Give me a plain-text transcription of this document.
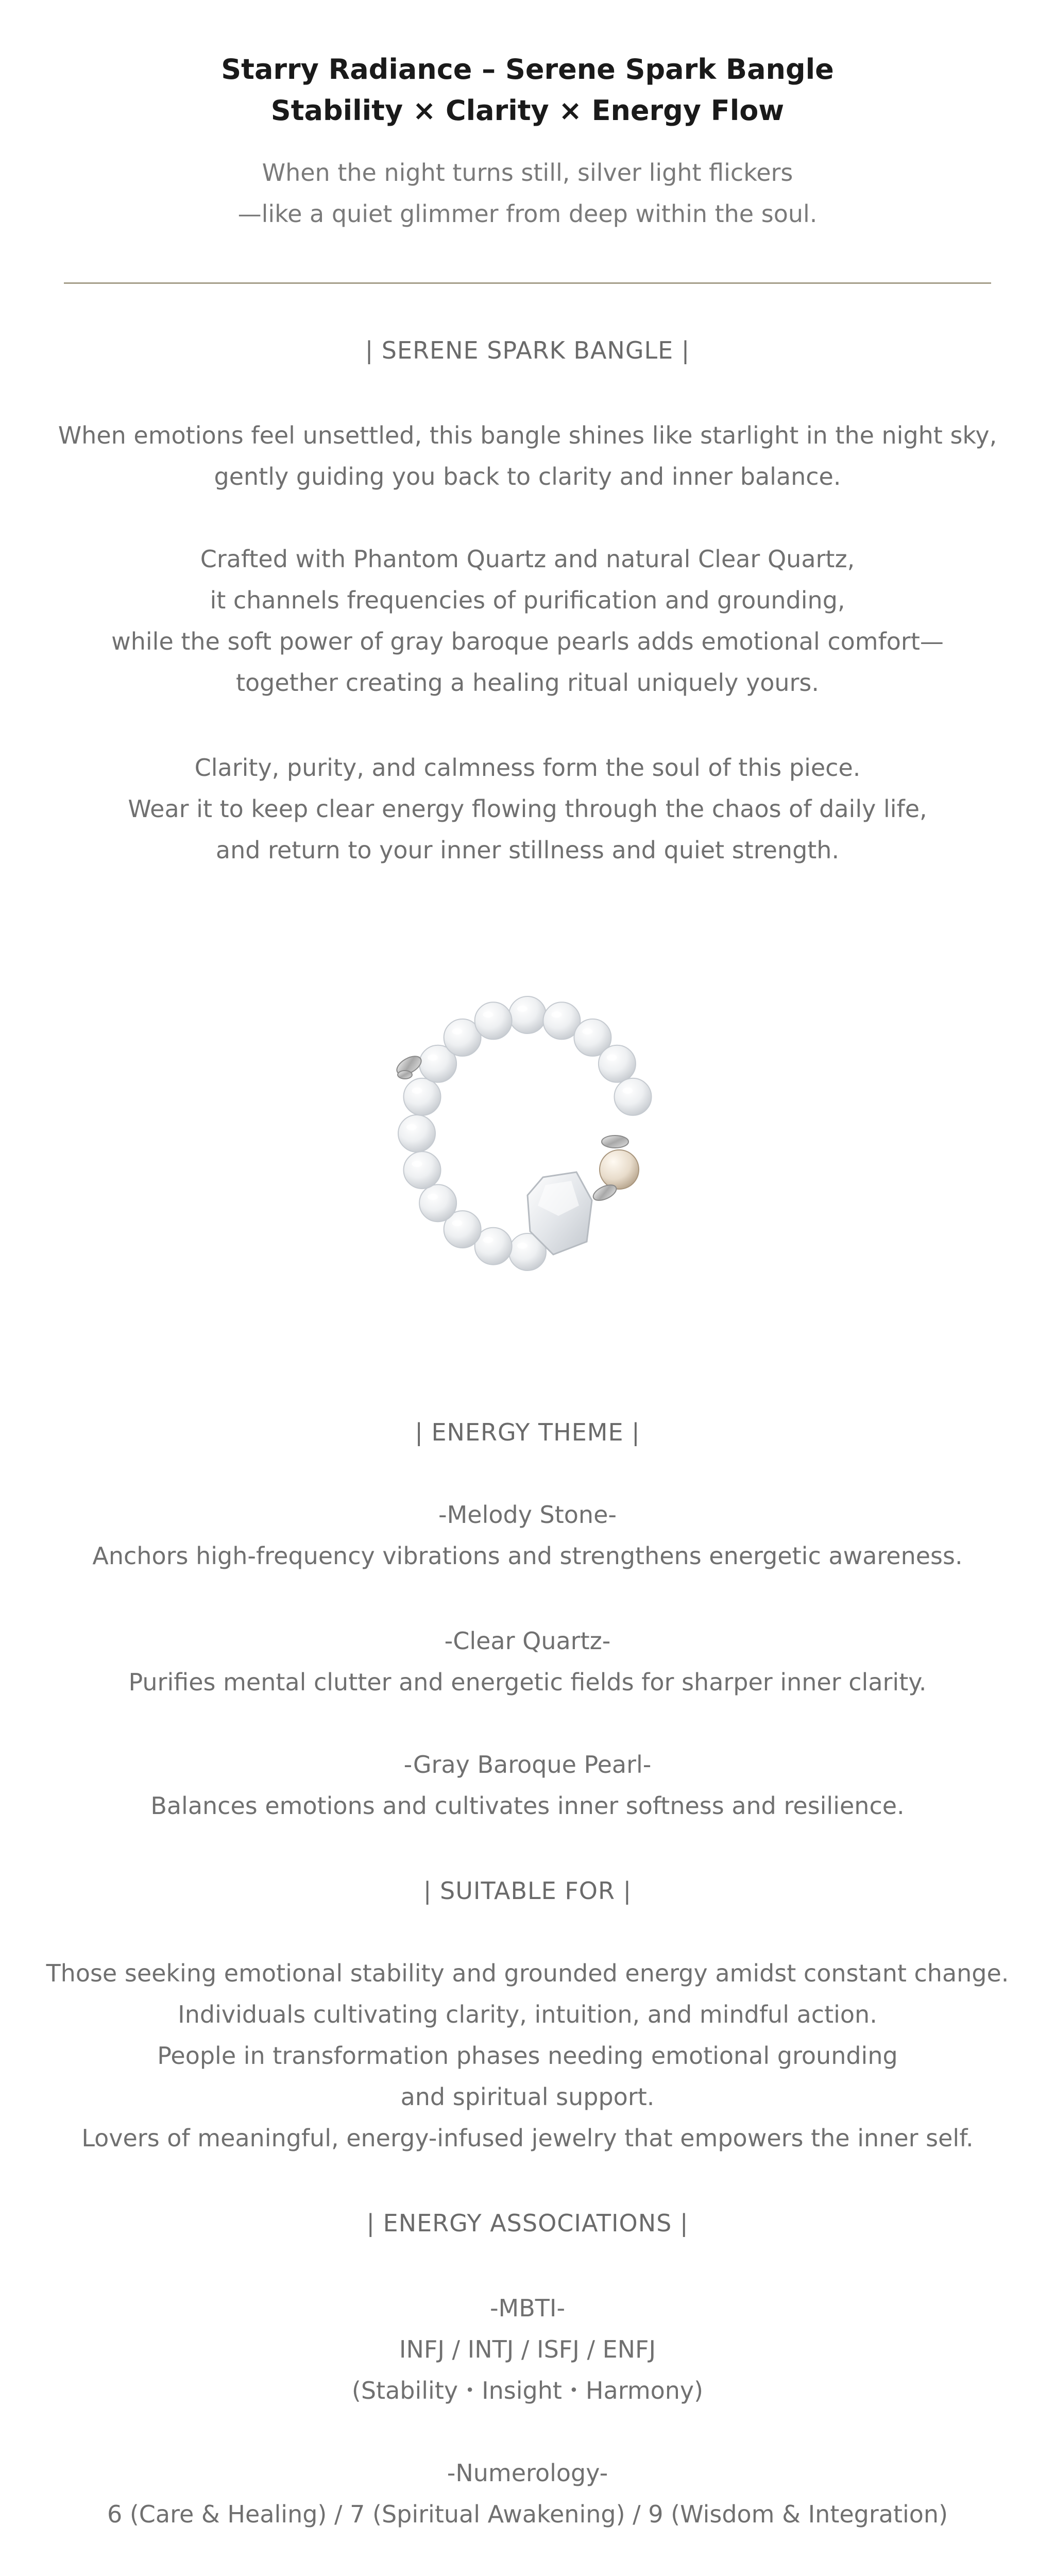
Starry Radiance – Serene Spark Bangle
Stability × Clarity × Energy Flow
When the night turns still, silver light flickers
—like a quiet glimmer from deep within the soul.
| SERENE SPARK BANGLE |
When emotions feel unsettled, this bangle shines like starlight in the night sky,
gently guiding you back to clarity and inner balance.
Crafted with Phantom Quartz and natural Clear Quartz,
it channels frequencies of purification and grounding,
while the soft power of gray baroque pearls adds emotional comfort—
together creating a healing ritual uniquely yours.
Clarity, purity, and calmness form the soul of this piece.
Wear it to keep clear energy flowing through the chaos of daily life,
and return to your inner stillness and quiet strength.
| ENERGY THEME |
-Melody Stone-
Anchors high-frequency vibrations and strengthens energetic awareness.
-Clear Quartz-
Purifies mental clutter and energetic fields for sharper inner clarity.
-Gray Baroque Pearl-
Balances emotions and cultivates inner softness and resilience.
| SUITABLE FOR |
Those seeking emotional stability and grounded energy amidst constant change.
Individuals cultivating clarity, intuition, and mindful action.
People in transformation phases needing emotional grounding
and spiritual support.
Lovers of meaningful, energy-infused jewelry that empowers the inner self.
| ENERGY ASSOCIATIONS |
-MBTI-
INFJ / INTJ / ISFJ / ENFJ
(Stability・Insight・Harmony)
-Numerology-
6 (Care & Healing) / 7 (Spiritual Awakening) / 9 (Wisdom & Integration)
